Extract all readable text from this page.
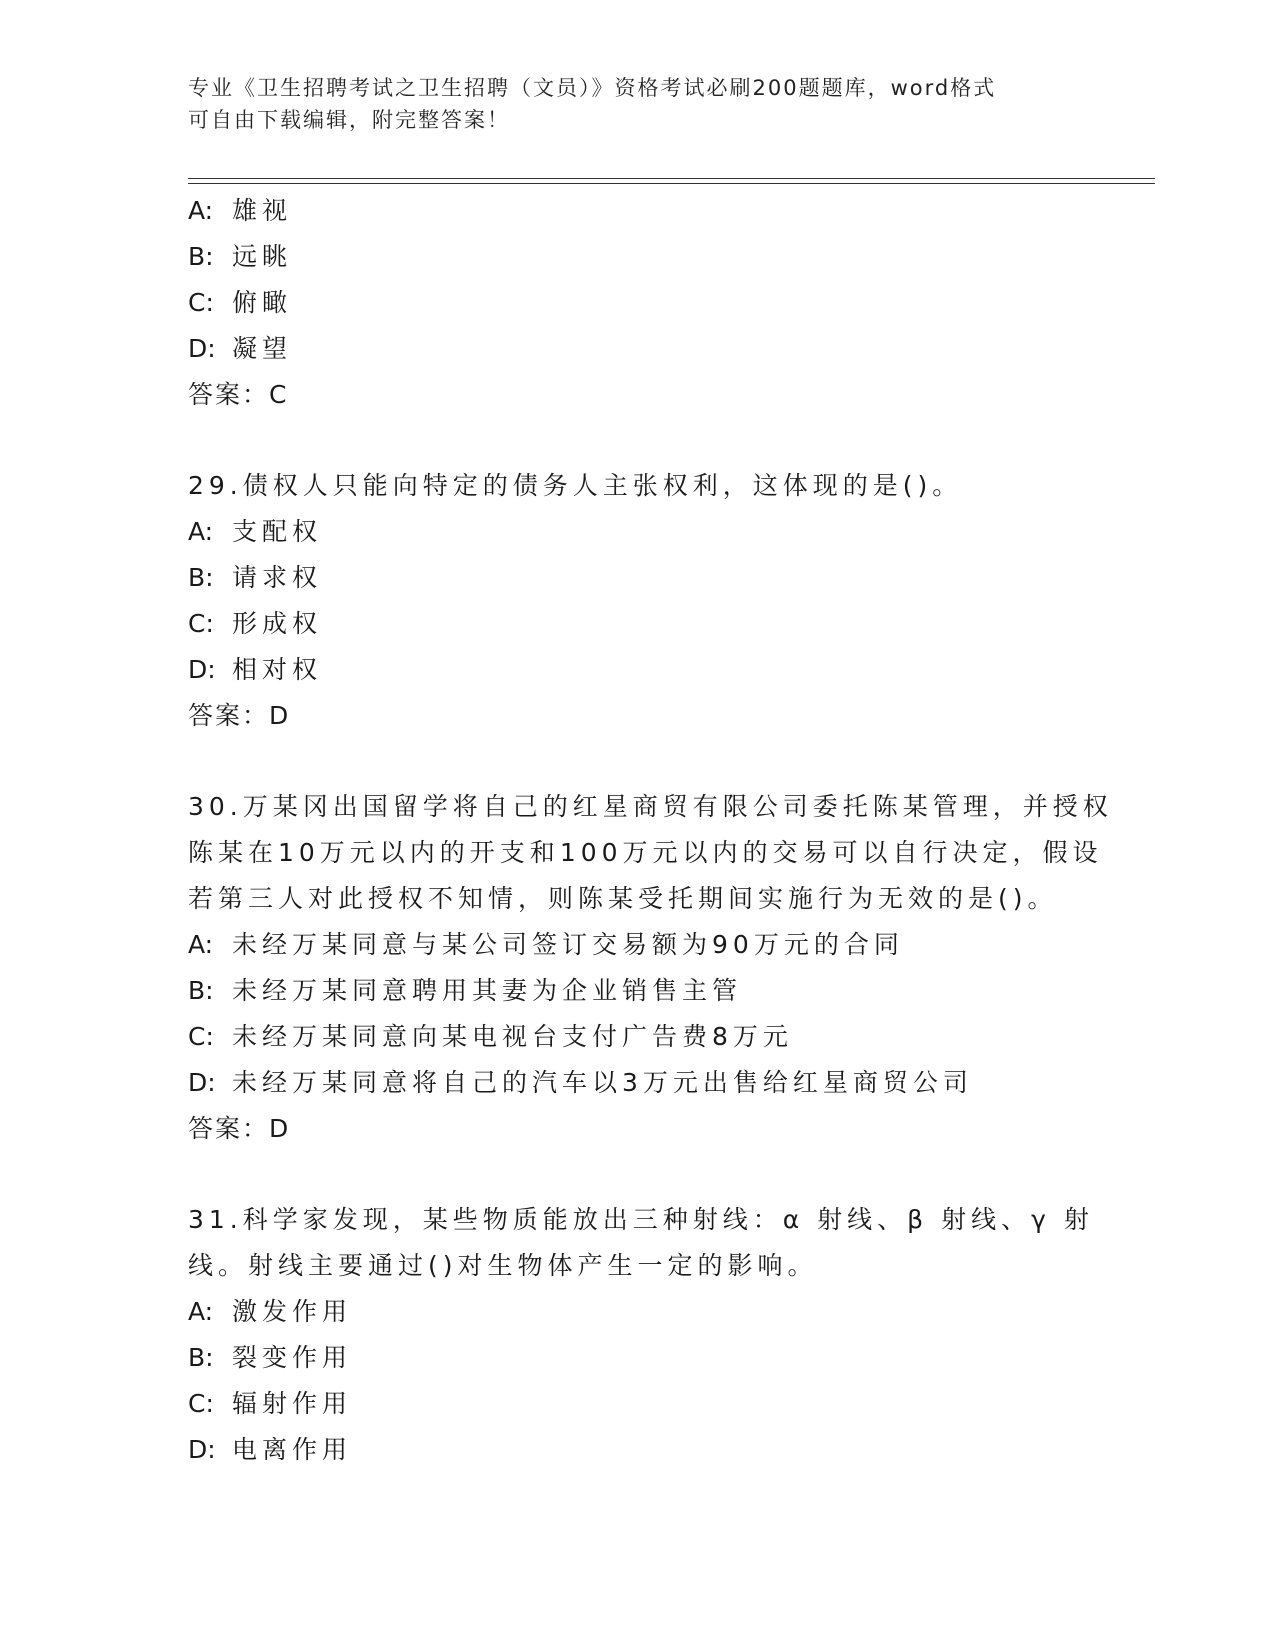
专业《卫生招聘考试之卫生招聘（文员）》资格考试必刷200题题库，word格式
可自由下载编辑，附完整答案！
A: 雄视
B: 远眺
C: 俯瞰
D: 凝望
答案：C
29.债权人只能向特定的债务人主张权利，这体现的是()。
A: 支配权
B: 请求权
C: 形成权
D: 相对权
答案：D
30.万某冈出国留学将自己的红星商贸有限公司委托陈某管理，并授权
陈某在10万元以内的开支和100万元以内的交易可以自行决定，假设
若第三人对此授权不知情，则陈某受托期间实施行为无效的是()。
A: 未经万某同意与某公司签订交易额为90万元的合同
B: 未经万某同意聘用其妻为企业销售主管
C: 未经万某同意向某电视台支付广告费8万元
D: 未经万某同意将自己的汽车以3万元出售给红星商贸公司
答案：D
31.科学家发现，某些物质能放出三种射线：α 射线、β 射线、γ 射
线。射线主要通过()对生物体产生一定的影响。
A: 激发作用
B: 裂变作用
C: 辐射作用
D: 电离作用
